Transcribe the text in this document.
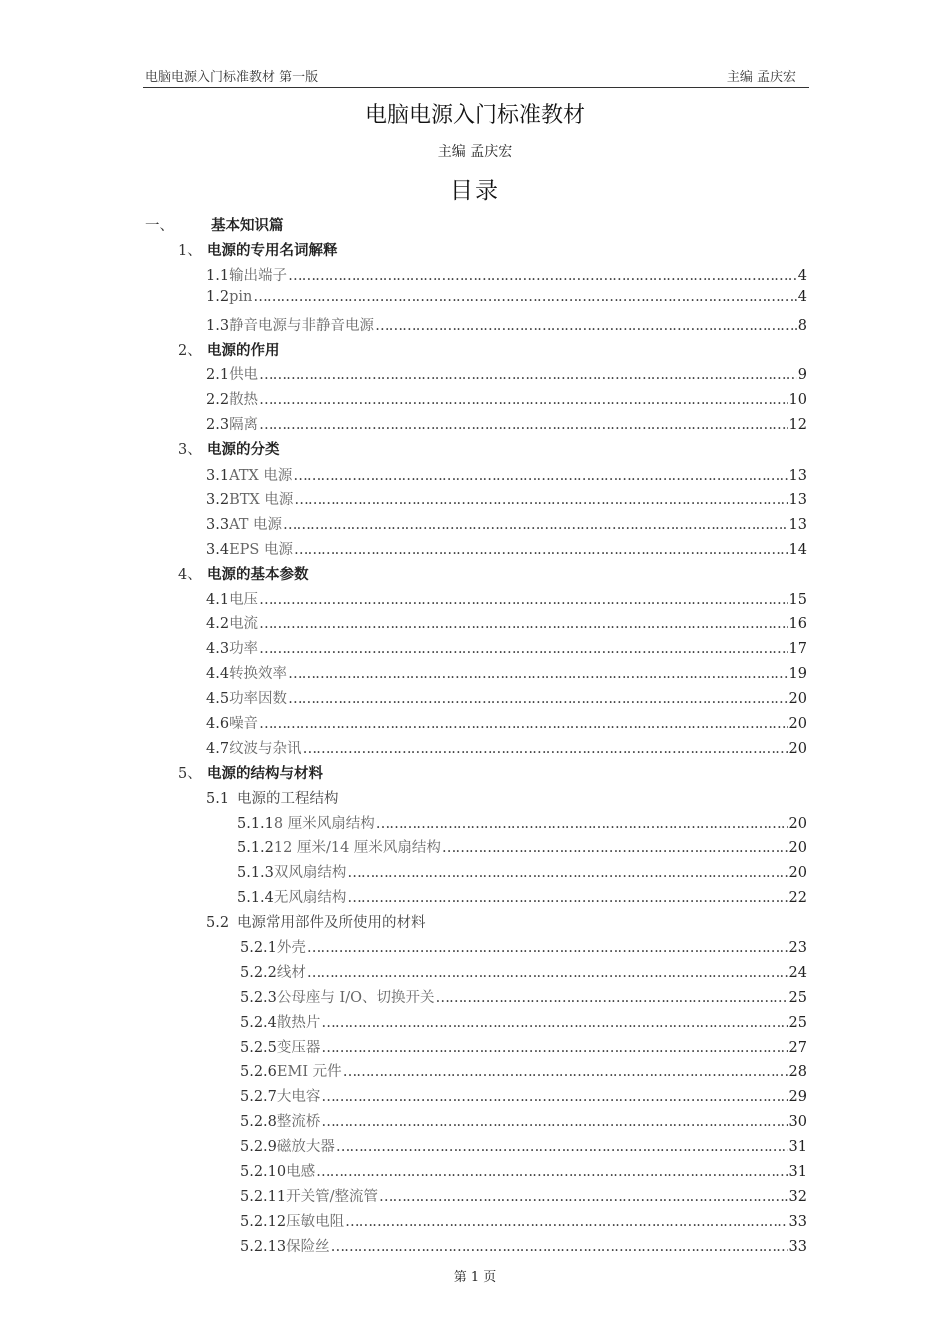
电脑电源入门标准教材 第一版	主编 孟庆宏
电脑电源入门标准教材
主编 孟庆宏
目录
一、	基本知识篇
1、 电源的专用名词解释
1.1 输出端子 …………………………………………………………………………………………………………………………………………………………………………………………	4
1.2 pin …………………………………………………………………………………………………………………………………………………………………………………………	4
1.3 静音电源与非静音电源 …………………………………………………………………………………………………………………………………………………………………………………………	8
2、 电源的作用
2.1 供电 …………………………………………………………………………………………………………………………………………………………………………………………	9
2.2 散热 …………………………………………………………………………………………………………………………………………………………………………………………	10
2.3 隔离 …………………………………………………………………………………………………………………………………………………………………………………………	12
3、 电源的分类
3.1 ATX 电源 …………………………………………………………………………………………………………………………………………………………………………………………	13
3.2 BTX 电源 …………………………………………………………………………………………………………………………………………………………………………………………	13
3.3 AT 电源 …………………………………………………………………………………………………………………………………………………………………………………………	13
3.4 EPS 电源 …………………………………………………………………………………………………………………………………………………………………………………………	14
4、 电源的基本参数
4.1 电压 …………………………………………………………………………………………………………………………………………………………………………………………	15
4.2 电流 …………………………………………………………………………………………………………………………………………………………………………………………	16
4.3 功率 …………………………………………………………………………………………………………………………………………………………………………………………	17
4.4 转换效率 …………………………………………………………………………………………………………………………………………………………………………………………	19
4.5 功率因数 …………………………………………………………………………………………………………………………………………………………………………………………	20
4.6 噪音 …………………………………………………………………………………………………………………………………………………………………………………………	20
4.7 纹波与杂讯 …………………………………………………………………………………………………………………………………………………………………………………………	20
5、 电源的结构与材料
5.1 电源的工程结构
5.1.1 8 厘米风扇结构 …………………………………………………………………………………………………………………………………………………………………………………………	20
5.1.2 12 厘米/14 厘米风扇结构 …………………………………………………………………………………………………………………………………………………………………………………………	20
5.1.3 双风扇结构 …………………………………………………………………………………………………………………………………………………………………………………………	20
5.1.4 无风扇结构 …………………………………………………………………………………………………………………………………………………………………………………………	22
5.2 电源常用部件及所使用的材料
5.2.1 外壳 …………………………………………………………………………………………………………………………………………………………………………………………	23
5.2.2 线材 …………………………………………………………………………………………………………………………………………………………………………………………	24
5.2.3 公母座与 I/O、切换开关 …………………………………………………………………………………………………………………………………………………………………………………………	25
5.2.4 散热片 …………………………………………………………………………………………………………………………………………………………………………………………	25
5.2.5 变压器 …………………………………………………………………………………………………………………………………………………………………………………………	27
5.2.6 EMI 元件 …………………………………………………………………………………………………………………………………………………………………………………………	28
5.2.7 大电容 …………………………………………………………………………………………………………………………………………………………………………………………	29
5.2.8 整流桥 …………………………………………………………………………………………………………………………………………………………………………………………	30
5.2.9 磁放大器 …………………………………………………………………………………………………………………………………………………………………………………………	31
5.2.10 电感 …………………………………………………………………………………………………………………………………………………………………………………………	31
5.2.11 开关管/整流管 …………………………………………………………………………………………………………………………………………………………………………………………	32
5.2.12 压敏电阻 …………………………………………………………………………………………………………………………………………………………………………………………	33
5.2.13 保险丝 …………………………………………………………………………………………………………………………………………………………………………………………	33
第 1 页
